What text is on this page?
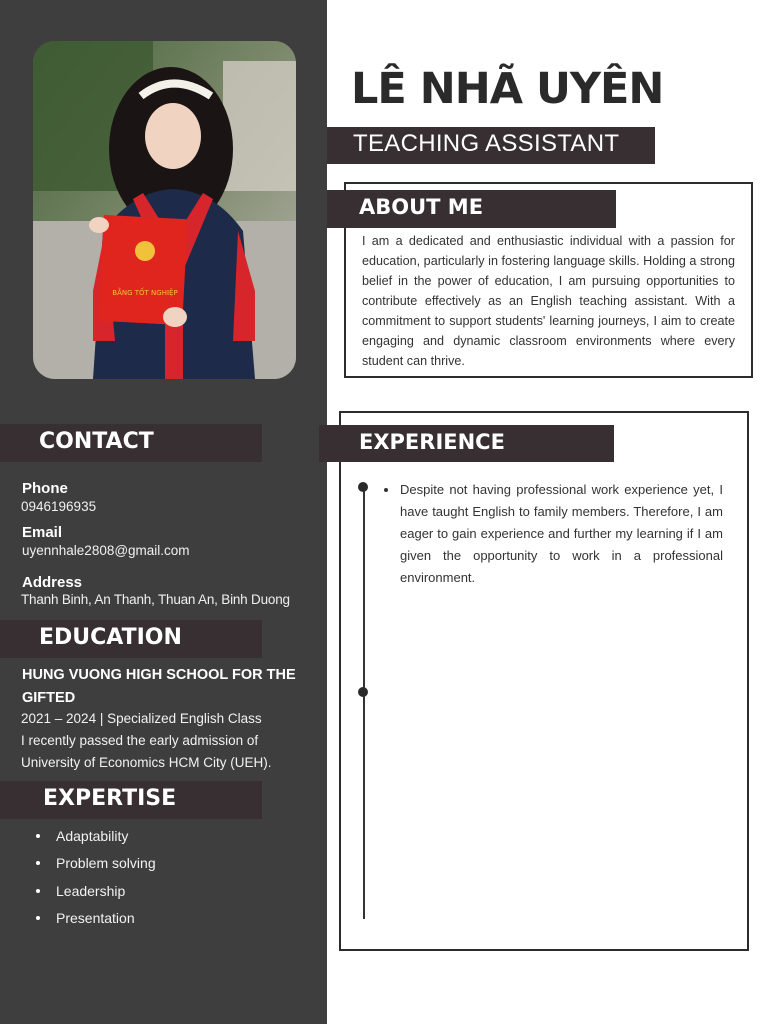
BẰNG TỐT NGHIỆP
CONTACT
Phone
0946196935
Email
uyennhale2808@gmail.com
Address
Thanh Binh, An Thanh, Thuan An, Binh Duong
EDUCATION
HUNG VUONG HIGH SCHOOL FOR THE GIFTED
2021 – 2024 | Specialized English Class
I recently passed the early admission of
University of Economics HCM City (UEH).
EXPERTISE
Adaptability
Problem solving
Leadership
Presentation
LÊ NHÃ UYÊN
TEACHING ASSISTANT
ABOUT ME
I am a dedicated and enthusiastic individual with a passion for education, particularly in fostering language skills. Holding a strong belief in the power of education, I am pursuing opportunities to contribute effectively as an English teaching assistant. With a commitment to support students' learning journeys, I aim to create engaging and dynamic classroom environments where every student can thrive.
EXPERIENCE
Despite not having professional work experience yet, I have taught English to family members. Therefore, I am eager to gain experience and further my learning if I am given the opportunity to work in a professional environment.
